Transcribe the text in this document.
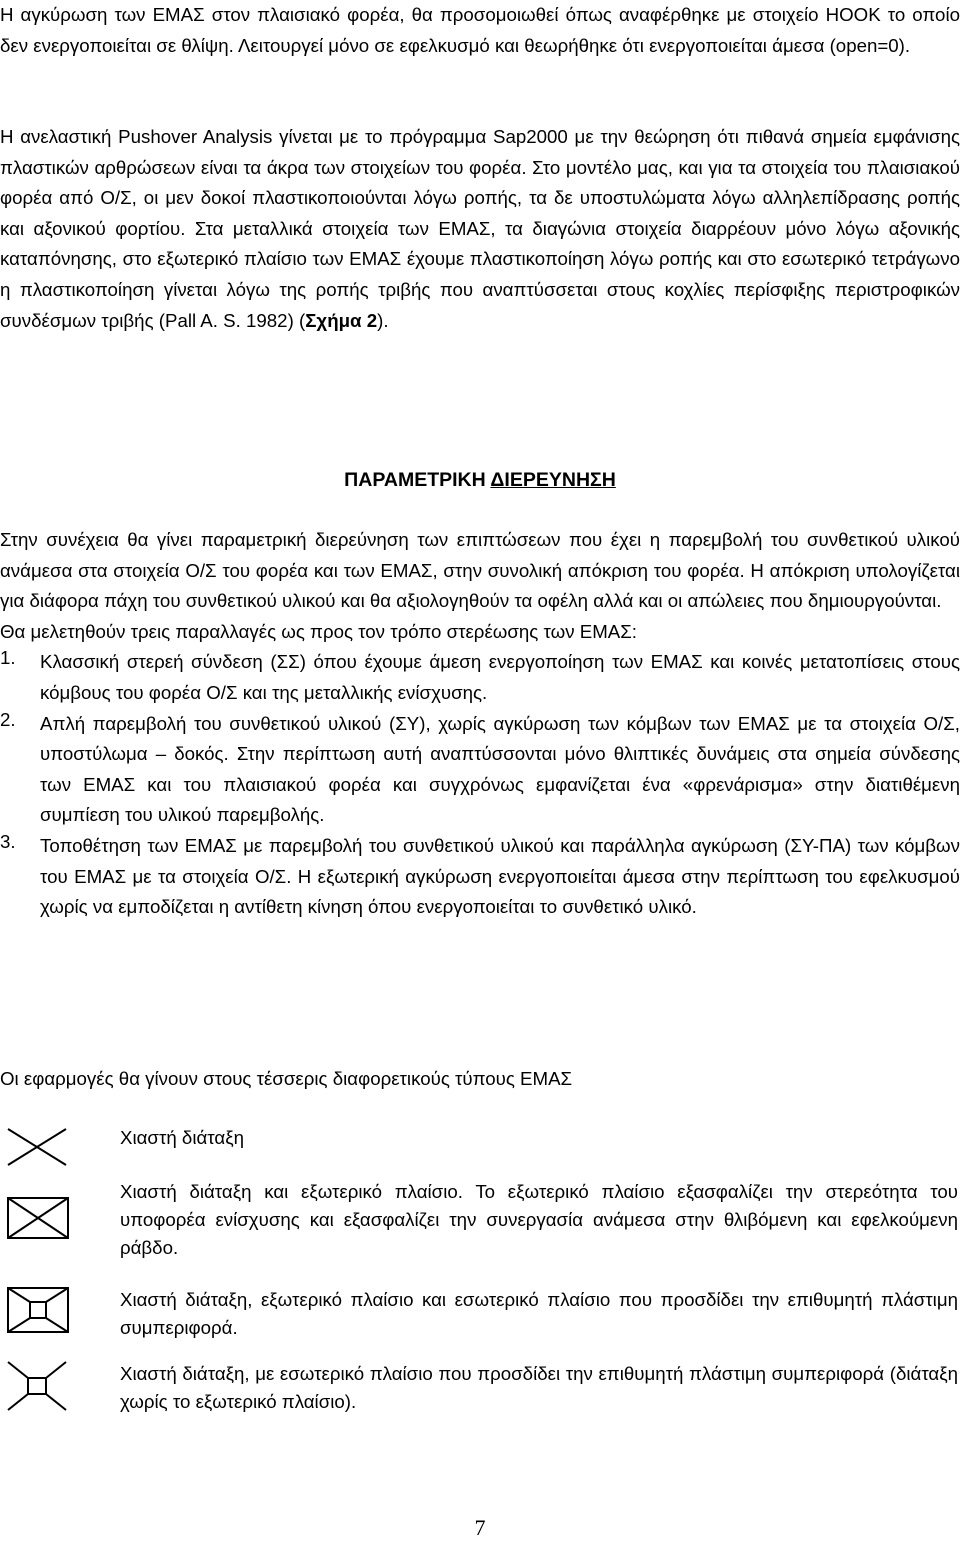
Η αγκύρωση των ΕΜΑΣ στον πλαισιακό φορέα, θα προσομοιωθεί όπως αναφέρθηκε με στοιχείο HOOK το οποίο δεν ενεργοποιείται σε θλίψη. Λειτουργεί μόνο σε εφελκυσμό και θεωρήθηκε ότι ενεργοποιείται άμεσα (open=0).

Η ανελαστική Pushover Analysis γίνεται με το πρόγραμμα Sap2000 με την θεώρηση ότι πιθανά σημεία εμφάνισης πλαστικών αρθρώσεων είναι τα άκρα των στοιχείων του φορέα. Στο μοντέλο μας, και για τα στοιχεία του πλαισιακού φορέα από Ο/Σ, οι μεν δοκοί πλαστικοποιούνται λόγω ροπής, τα δε υποστυλώματα λόγω αλληλεπίδρασης ροπής και αξονικού φορτίου. Στα μεταλλικά στοιχεία των ΕΜΑΣ, τα διαγώνια στοιχεία διαρρέουν μόνο λόγω αξονικής καταπόνησης, στο εξωτερικό πλαίσιο των ΕΜΑΣ έχουμε πλαστικοποίηση λόγω ροπής και στο εσωτερικό τετράγωνο η πλαστικοποίηση γίνεται λόγω της ροπής τριβής που αναπτύσσεται στους κοχλίες περίσφιξης περιστροφικών συνδέσμων τριβής (Pall A. S. 1982) (Σχήμα 2).

ΠΑΡΑΜΕΤΡΙΚΗ ΔΙΕΡΕΥΝΗΣΗ

Στην συνέχεια θα γίνει παραμετρική διερεύνηση των επιπτώσεων που έχει η παρεμβολή του συνθετικού υλικού ανάμεσα στα στοιχεία Ο/Σ του φορέα και των ΕΜΑΣ, στην συνολική απόκριση του φορέα. Η απόκριση υπολογίζεται για διάφορα πάχη του συνθετικού υλικού και θα αξιολογηθούν τα οφέλη αλλά και οι απώλειες που δημιουργούνται.

Θα μελετηθούν τρεις παραλλαγές ως προς τον τρόπο στερέωσης των ΕΜΑΣ:

1. Κλασσική στερεή σύνδεση (ΣΣ) όπου έχουμε άμεση ενεργοποίηση των ΕΜΑΣ και κοινές μετατοπίσεις στους κόμβους του φορέα Ο/Σ και της μεταλλικής ενίσχυσης.

2. Απλή παρεμβολή του συνθετικού υλικού (ΣΥ), χωρίς αγκύρωση των κόμβων των ΕΜΑΣ με τα στοιχεία Ο/Σ, υποστύλωμα – δοκός. Στην περίπτωση αυτή αναπτύσσονται μόνο θλιπτικές δυνάμεις στα σημεία σύνδεσης των ΕΜΑΣ και του πλαισιακού φορέα και συγχρόνως εμφανίζεται ένα «φρενάρισμα» στην διατιθέμενη συμπίεση του υλικού παρεμβολής.

3. Τοποθέτηση των ΕΜΑΣ με παρεμβολή του συνθετικού υλικού και παράλληλα αγκύρωση (ΣΥ-ΠΑ) των κόμβων του ΕΜΑΣ με τα στοιχεία Ο/Σ. Η εξωτερική αγκύρωση ενεργοποιείται άμεσα στην περίπτωση του εφελκυσμού χωρίς να εμποδίζεται η αντίθετη κίνηση όπου ενεργοποιείται το συνθετικό υλικό.

Οι εφαρμογές θα γίνουν στους τέσσερις διαφορετικούς τύπους ΕΜΑΣ

Χιαστή διάταξη

Χιαστή διάταξη και εξωτερικό πλαίσιο. Το εξωτερικό πλαίσιο εξασφαλίζει την στερεότητα του υποφορέα ενίσχυσης και εξασφαλίζει την συνεργασία ανάμεσα στην θλιβόμενη και εφελκούμενη ράβδο.

Χιαστή διάταξη, εξωτερικό πλαίσιο και εσωτερικό πλαίσιο που προσδίδει την επιθυμητή πλάστιμη συμπεριφορά.

Χιαστή διάταξη, με εσωτερικό πλαίσιο που προσδίδει την επιθυμητή πλάστιμη συμπεριφορά (διάταξη χωρίς το εξωτερικό πλαίσιο).

7
